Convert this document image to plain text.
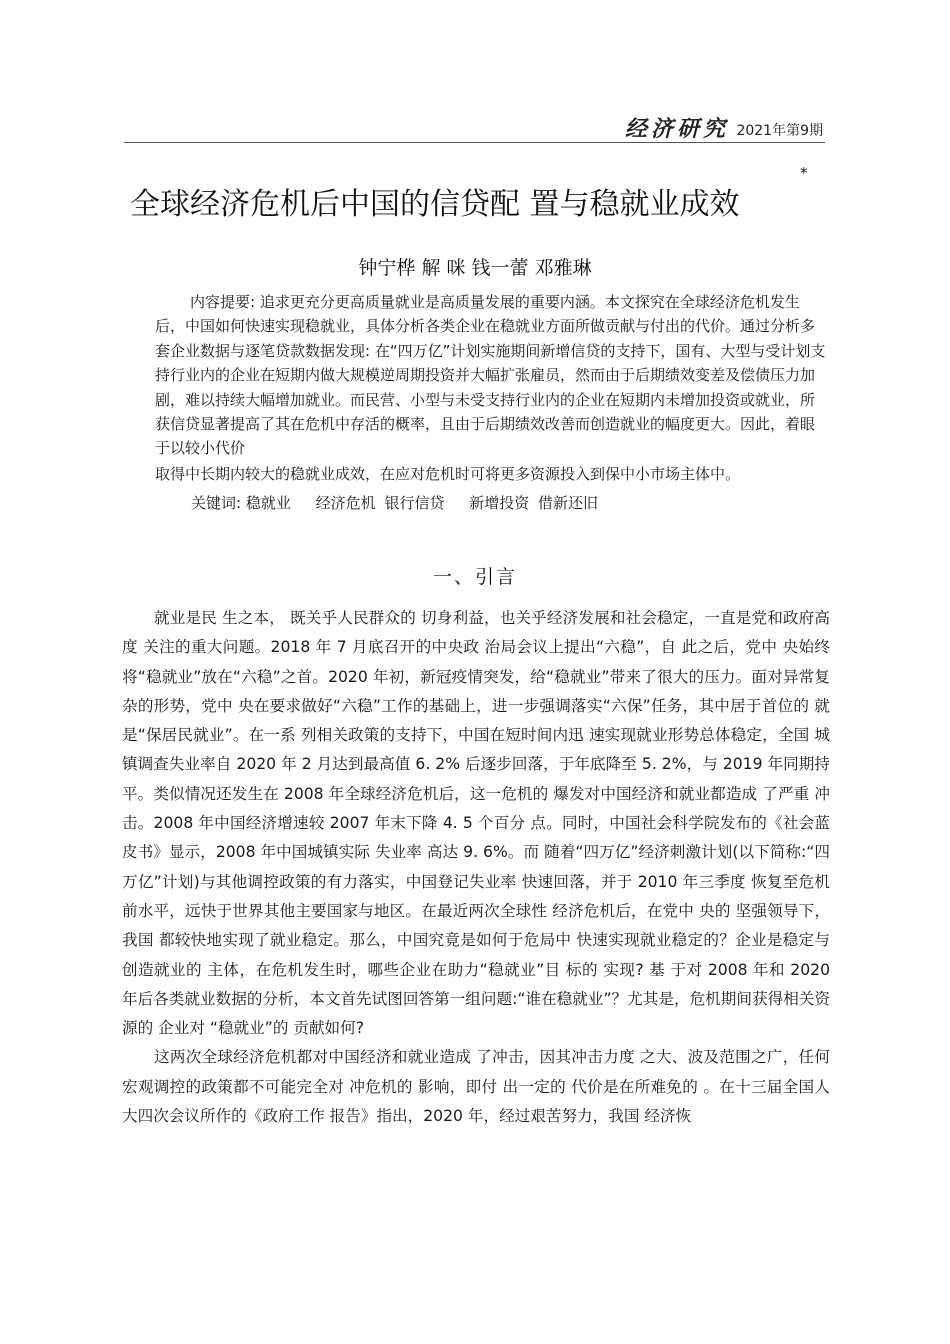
经济研究 2021年第9期
*
全球经济危机后中国的信贷配 置与稳就业成效
钟宁桦 解 咪 钱一蕾 邓雅琳

内容提要: 追求更充分更高质量就业是高质量发展的重要内涵。本文探究在全球经济危机发生后，中国如何快速实现稳就业，具体分析各类企业在稳就业方面所做贡献与付出的代价。通过分析多套企业数据与逐笔贷款数据发现: 在“四万亿”计划实施期间新增信贷的支持下，国有、大型与受计划支持行业内的企业在短期内做大规模逆周期投资并大幅扩张雇员，然而由于后期绩效变差及偿债压力加剧，难以持续大幅增加就业。而民营、小型与未受支持行业内的企业在短期内未增加投资或就业，所获信贷显著提高了其在危机中存活的概率，且由于后期绩效改善而创造就业的幅度更大。因此，着眼于以较小代价

取得中长期内较大的稳就业成效，在应对危机时可将更多资源投入到保中小市场主体中。

关键词: 稳就业 经济危机 银行信贷 新增投资 借新还旧

一、引言

就业是民 生之本， 既关乎人民群众的 切身利益，也关乎经济发展和社会稳定，一直是党和政府高度 关注的重大问题。2018 年 7 月底召开的中央政 治局会议上提出“六稳”，自 此之后，党中 央始终将“稳就业”放在“六稳”之首。2020 年初，新冠疫情突发，给“稳就业”带来了很大的压力。面对异常复杂的形势，党中 央在要求做好“六稳”工作的基础上，进一步强调落实“六保”任务，其中居于首位的 就是“保居民就业”。在一系 列相关政策的支持下，中国在短时间内迅 速实现就业形势总体稳定，全国 城镇调查失业率自 2020 年 2 月达到最高值 6. 2% 后逐步回落，于年底降至 5. 2%，与 2019 年同期持平。类似情况还发生在 2008 年全球经济危机后，这一危机的 爆发对中国经济和就业都造成 了严重 冲击。2008 年中国经济增速较 2007 年末下降 4. 5 个百分 点。同时，中国社会科学院发布的《社会蓝皮书》显示，2008 年中国城镇实际 失业率 高达 9. 6%。而 随着“四万亿”经济刺激计划(以下简称:“四万亿”计划)与其他调控政策的有力落实，中国登记失业率 快速回落，并于 2010 年三季度 恢复至危机前水平，远快于世界其他主要国家与地区。在最近两次全球性 经济危机后，在党中 央的 坚强领导下，我国 都较快地实现了就业稳定。那么，中国究竟是如何于危局中 快速实现就业稳定的？企业是稳定与创造就业的 主体，在危机发生时，哪些企业在助力“稳就业”目 标的 实现? 基 于对 2008 年和 2020 年后各类就业数据的分析，本文首先试图回答第一组问题:“谁在稳就业”？尤其是，危机期间获得相关资源的 企业对 “稳就业”的 贡献如何?

这两次全球经济危机都对中国经济和就业造成 了冲击，因其冲击力度 之大、波及范围之广，任何宏观调控的政策都不可能完全对 冲危机的 影响，即付 出一定的 代价是在所难免的 。在十三届全国人大四次会议所作的《政府工作 报告》指出，2020 年，经过艰苦努力，我国 经济恢
